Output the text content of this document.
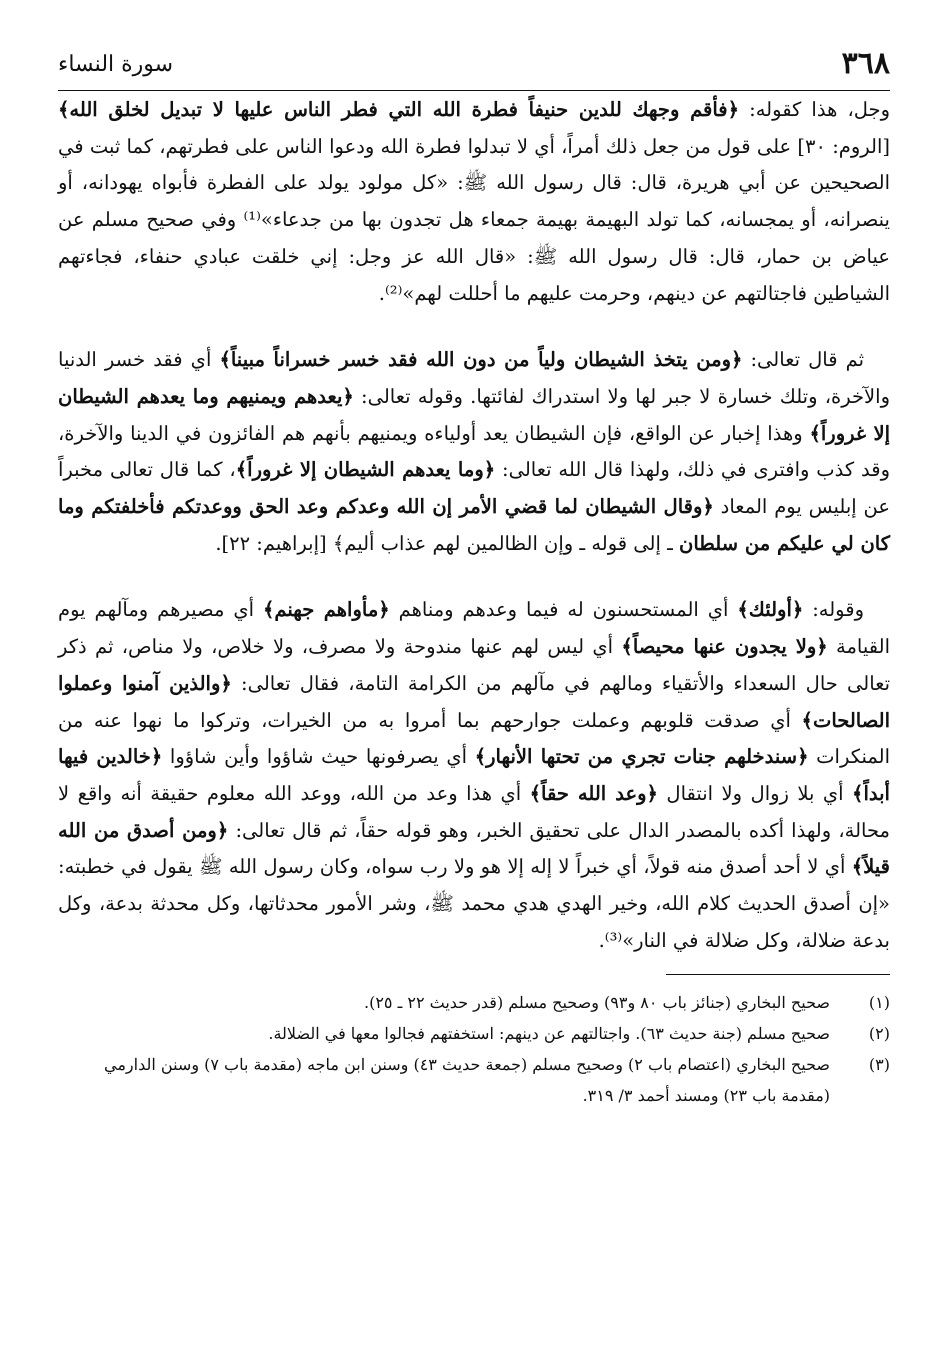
٣٦٨
سورة النساء

وجل، هذا كقوله: ﴿فأقم وجهك للدين حنيفاً فطرة الله التي فطر الناس عليها لا تبديل لخلق الله﴾ [الروم: ٣٠] على قول من جعل ذلك أمراً، أي لا تبدلوا فطرة الله ودعوا الناس على فطرتهم، كما ثبت في الصحيحين عن أبي هريرة، قال: قال رسول الله ﷺ: «كل مولود يولد على الفطرة فأبواه يهودانه، أو ينصرانه، أو يمجسانه، كما تولد البهيمة بهيمة جمعاء هل تجدون بها من جدعاء»⁽¹⁾ وفي صحيح مسلم عن عياض بن حمار، قال: قال رسول الله ﷺ: «قال الله عز وجل: إني خلقت عبادي حنفاء، فجاءتهم الشياطين فاجتالتهم عن دينهم، وحرمت عليهم ما أحللت لهم»⁽²⁾.

ثم قال تعالى: ﴿ومن يتخذ الشيطان ولياً من دون الله فقد خسر خسراناً مبيناً﴾ أي فقد خسر الدنيا والآخرة، وتلك خسارة لا جبر لها ولا استدراك لفائتها. وقوله تعالى: ﴿يعدهم ويمنيهم وما يعدهم الشيطان إلا غروراً﴾ وهذا إخبار عن الواقع، فإن الشيطان يعد أولياءه ويمنيهم بأنهم هم الفائزون في الدينا والآخرة، وقد كذب وافترى في ذلك، ولهذا قال الله تعالى: ﴿وما يعدهم الشيطان إلا غروراً﴾، كما قال تعالى مخبراً عن إبليس يوم المعاد ﴿وقال الشيطان لما قضي الأمر إن الله وعدكم وعد الحق ووعدتكم فأخلفتكم وما كان لي عليكم من سلطان ـ إلى قوله ـ وإن الظالمين لهم عذاب أليم﴾ [إبراهيم: ٢٢].

وقوله: ﴿أولئك﴾ أي المستحسنون له فيما وعدهم ومناهم ﴿مأواهم جهنم﴾ أي مصيرهم ومآلهم يوم القيامة ﴿ولا يجدون عنها محيصاً﴾ أي ليس لهم عنها مندوحة ولا مصرف، ولا خلاص، ولا مناص، ثم ذكر تعالى حال السعداء والأتقياء ومالهم في مآلهم من الكرامة التامة، فقال تعالى: ﴿والذين آمنوا وعملوا الصالحات﴾ أي صدقت قلوبهم وعملت جوارحهم بما أمروا به من الخيرات، وتركوا ما نهوا عنه من المنكرات ﴿سندخلهم جنات تجري من تحتها الأنهار﴾ أي يصرفونها حيث شاؤوا وأين شاؤوا ﴿خالدين فيها أبداً﴾ أي بلا زوال ولا انتقال ﴿وعد الله حقاً﴾ أي هذا وعد من الله، ووعد الله معلوم حقيقة أنه واقع لا محالة، ولهذا أكده بالمصدر الدال على تحقيق الخبر، وهو قوله حقاً، ثم قال تعالى: ﴿ومن أصدق من الله قيلاً﴾ أي لا أحد أصدق منه قولاً، أي خبراً لا إله إلا هو ولا رب سواه، وكان رسول الله ﷺ يقول في خطبته: «إن أصدق الحديث كلام الله، وخير الهدي هدي محمد ﷺ، وشر الأمور محدثاتها، وكل محدثة بدعة، وكل بدعة ضلالة، وكل ضلالة في النار»⁽³⁾.

(١)
صحيح البخاري (جنائز باب ٨٠ و٩٣) وصحيح مسلم (قدر حديث ٢٢ ـ ٢٥).
(٢)
صحيح مسلم (جنة حديث ٦٣). واجتالتهم عن دينهم: استخفتهم فجالوا معها في الضلالة.
(٣)
صحيح البخاري (اعتصام باب ٢) وصحيح مسلم (جمعة حديث ٤٣) وسنن ابن ماجه (مقدمة باب ٧) وسنن الدارمي (مقدمة باب ٢٣) ومسند أحمد ٣/ ٣١٩.
